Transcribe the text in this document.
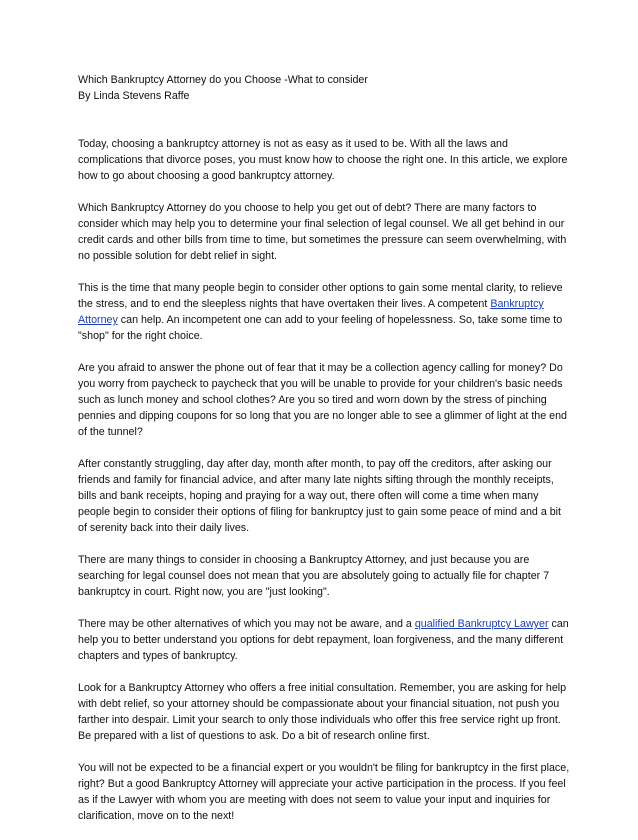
Which Bankruptcy Attorney do you Choose -What to consider
By Linda Stevens Raffe

Today, choosing a bankruptcy attorney is not as easy as it used to be. With all the laws and complications that divorce poses, you must know how to choose the right one. In this article, we explore how to go about choosing a good bankruptcy attorney.

Which Bankruptcy Attorney do you choose to help you get out of debt? There are many factors to consider which may help you to determine your final selection of legal counsel. We all get behind in our credit cards and other bills from time to time, but sometimes the pressure can seem overwhelming, with no possible solution for debt relief in sight.

This is the time that many people begin to consider other options to gain some mental clarity, to relieve the stress, and to end the sleepless nights that have overtaken their lives. A competent Bankruptcy Attorney can help. An incompetent one can add to your feeling of hopelessness. So, take some time to "shop" for the right choice.

Are you afraid to answer the phone out of fear that it may be a collection agency calling for money? Do you worry from paycheck to paycheck that you will be unable to provide for your children's basic needs such as lunch money and school clothes? Are you so tired and worn down by the stress of pinching pennies and dipping coupons for so long that you are no longer able to see a glimmer of light at the end of the tunnel?

After constantly struggling, day after day, month after month, to pay off the creditors, after asking our friends and family for financial advice, and after many late nights sifting through the monthly receipts, bills and bank receipts, hoping and praying for a way out, there often will come a time when many people begin to consider their options of filing for bankruptcy just to gain some peace of mind and a bit of serenity back into their daily lives.

There are many things to consider in choosing a Bankruptcy Attorney, and just because you are searching for legal counsel does not mean that you are absolutely going to actually file for chapter 7 bankruptcy in court. Right now, you are "just looking".

There may be other alternatives of which you may not be aware, and a qualified Bankruptcy Lawyer can help you to better understand you options for debt repayment, loan forgiveness, and the many different chapters and types of bankruptcy.

Look for a Bankruptcy Attorney who offers a free initial consultation. Remember, you are asking for help with debt relief, so your attorney should be compassionate about your financial situation, not push you farther into despair. Limit your search to only those individuals who offer this free service right up front. Be prepared with a list of questions to ask. Do a bit of research online first.

You will not be expected to be a financial expert or you wouldn't be filing for bankruptcy in the first place, right? But a good Bankruptcy Attorney will appreciate your active participation in the process. If you feel as if the Lawyer with whom you are meeting with does not seem to value your input and inquiries for clarification, move on to the next!
